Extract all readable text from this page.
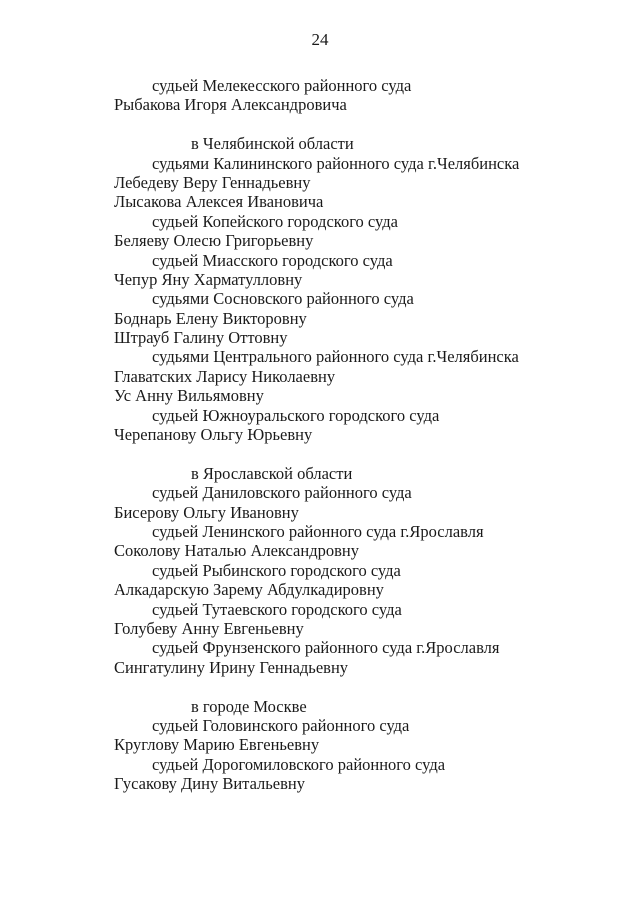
24
судьей Мелекесского районного суда
Рыбакова Игоря Александровича
в Челябинской области
судьями Калининского районного суда г.Челябинска
Лебедеву Веру Геннадьевну
Лысакова Алексея Ивановича
судьей Копейского городского суда
Беляеву Олесю Григорьевну
судьей Миасского городского суда
Чепур Яну Харматулловну
судьями Сосновского районного суда
Боднарь Елену Викторовну
Штрауб Галину Оттовну
судьями Центрального районного суда г.Челябинска
Главатских Ларису Николаевну
Ус Анну Вильямовну
судьей Южноуральского городского суда
Черепанову Ольгу Юрьевну
в Ярославской области
судьей Даниловского районного суда
Бисерову Ольгу Ивановну
судьей Ленинского районного суда г.Ярославля
Соколову Наталью Александровну
судьей Рыбинского городского суда
Алкадарскую Зарему Абдулкадировну
судьей Тутаевского городского суда
Голубеву Анну Евгеньевну
судьей Фрунзенского районного суда г.Ярославля
Сингатулину Ирину Геннадьевну
в городе Москве
судьей Головинского районного суда
Круглову Марию Евгеньевну
судьей Дорогомиловского районного суда
Гусакову Дину Витальевну
